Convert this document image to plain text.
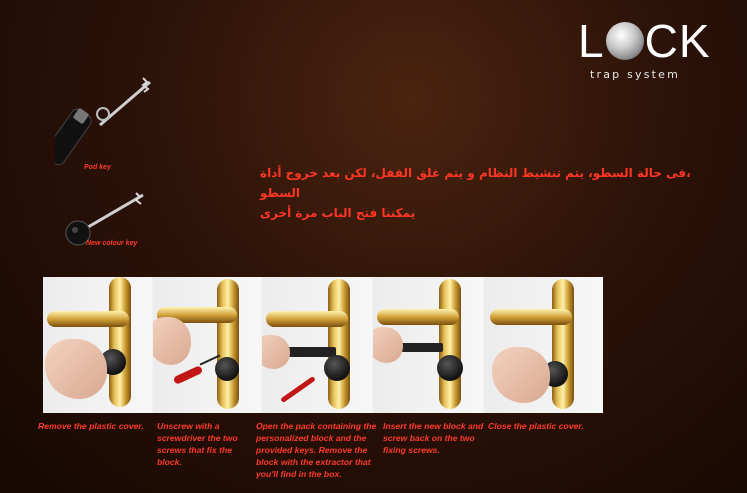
L CK
trap system
Pod key
New colour key
،فى حالة السطو، يتم تنشيط النظام و يتم غلق القفل، لكن بعد خروج أداة السطو
يمكننا فتح الباب مرة أخرى
Remove the plastic cover.	Unscrew with a screwdriver the two screws that fix the block.
Open the pack containing the personalized block and the provided keys. Remove the block with the extractor that you'll find in the box.
Insert the new block and screw back on the two fixing screws.
Close the plastic cover.
